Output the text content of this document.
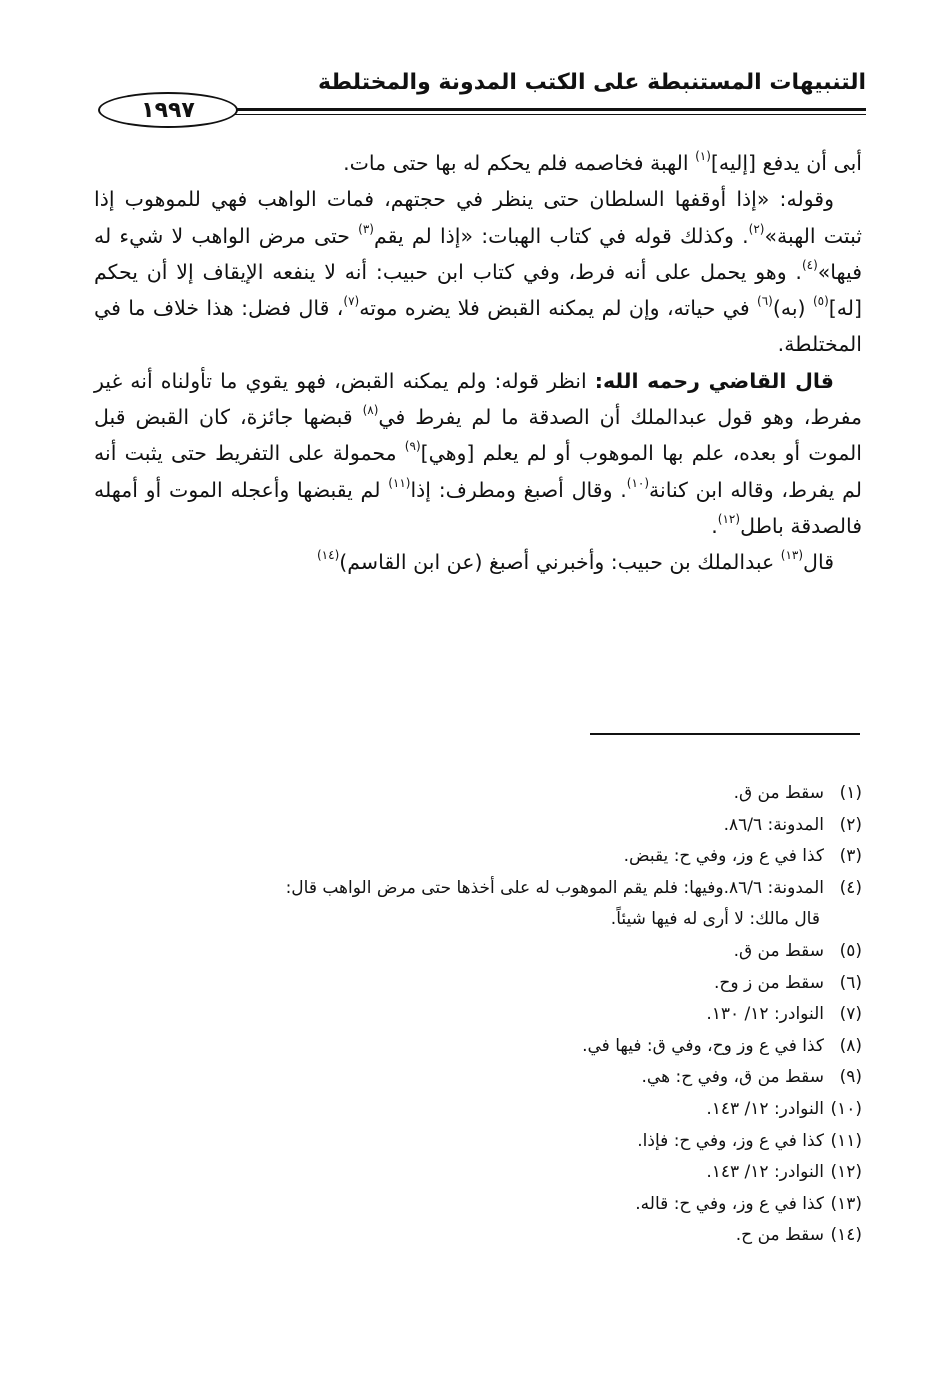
التنبيهات المستنبطة على الكتب المدونة والمختلطة
١٩٩٧

أبى أن يدفع [إليه]$^{(١)}$ الهبة فخاصمه فلم يحكم له بها حتى مات.

وقوله: «إذا أوقفها السلطان حتى ينظر في حجتهم، فمات الواهب فهي للموهوب إذا ثبتت الهبة»$^{(٢)}$. وكذلك قوله في كتاب الهبات: «إذا لم يقم$^{(٣)}$ حتى مرض الواهب لا شيء له فيها»$^{(٤)}$. وهو يحمل على أنه فرط، وفي كتاب ابن حبيب: أنه لا ينفعه الإيقاف إلا أن يحكم [له]$^{(٥)}$ (به)$^{(٦)}$ في حياته، وإن لم يمكنه القبض فلا يضره موته$^{(٧)}$، قال فضل: هذا خلاف ما في المختلطة.

قال القاضي رحمه الله: انظر قوله: ولم يمكنه القبض، فهو يقوي ما تأولناه أنه غير مفرط، وهو قول عبدالملك أن الصدقة ما لم يفرط في$^{(٨)}$ قبضها جائزة، كان القبض قبل الموت أو بعده، علم بها الموهوب أو لم يعلم [وهي]$^{(٩)}$ محمولة على التفريط حتى يثبت أنه لم يفرط، وقاله ابن كنانة$^{(١٠)}$. وقال أصبغ ومطرف: إذا$^{(١١)}$ لم يقبضها وأعجله الموت أو أمهله فالصدقة باطل$^{(١٢)}$.

قال$^{(١٣)}$ عبدالملك بن حبيب: وأخبرني أصبغ (عن ابن القاسم)$^{(١٤)}$

(١)سقط من ق.

(٢)المدونة: ٨٦/٦.

(٣)كذا في ع وز، وفي ح: يقبض.

(٤)المدونة: ٨٦/٦.وفيها: فلم يقم الموهوب له على أخذها حتى مرض الواهب قال:

قال مالك: لا أرى له فيها شيئاً.

(٥)سقط من ق.

(٦)سقط من ز وح.

(٧)النوادر: ١٢/ ١٣٠.

(٨)كذا في ع وز وح، وفي ق: فيها في.

(٩)سقط من ق، وفي ح: هي.

(١٠)النوادر: ١٢/ ١٤٣.

(١١)كذا في ع وز، وفي ح: فإذا.

(١٢)النوادر: ١٢/ ١٤٣.

(١٣)كذا في ع وز، وفي ح: قاله.

(١٤)سقط من ح.
